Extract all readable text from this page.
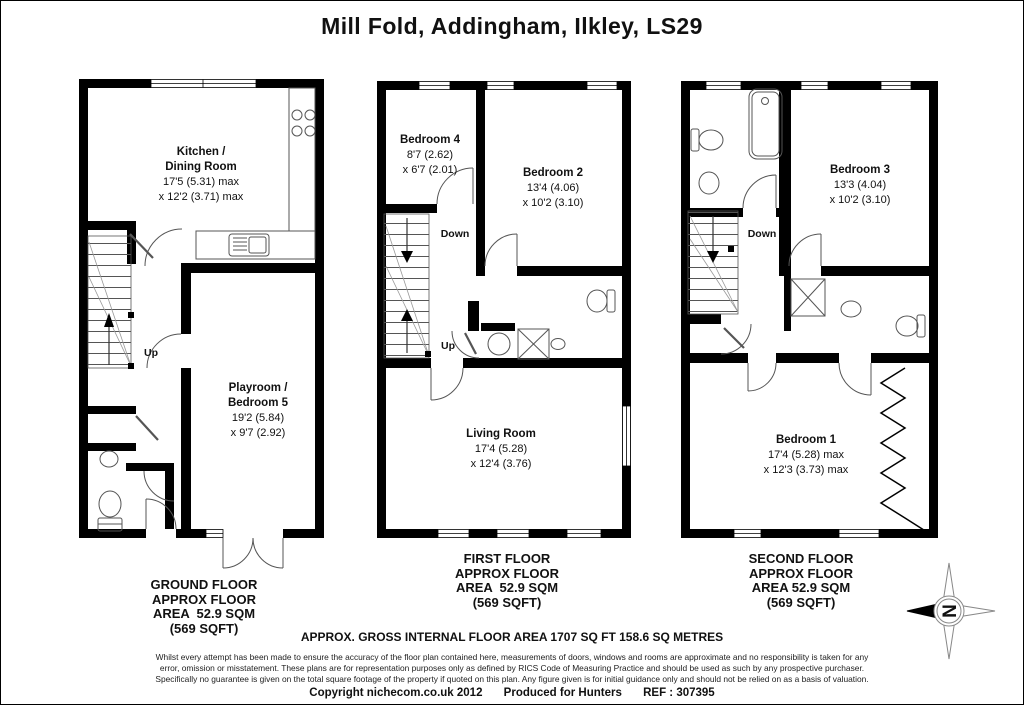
Mill Fold, Addingham, Ilkley, LS29
Kitchen /
Dining Room
17'5 (5.31) max
x 12'2 (3.71) max
Playroom /
Bedroom 5
19'2 (5.84)
x 9'7 (2.92)
Up
Bedroom 4
8'7 (2.62)
x 6'7 (2.01)	Bedroom 2
13'4 (4.06)
x 10'2 (3.10)
Living Room
17'4 (5.28)
x 12'4 (3.76)
Down
Up
Bedroom 3
13'3 (4.04)
x 10'2 (3.10)
Bedroom 1
17'4 (5.28) max
x 12'3 (3.73) max
Down
GROUND FLOOR
APPROX FLOOR
AREA  52.9 SQM
(569 SQFT)
FIRST FLOOR
APPROX FLOOR
AREA  52.9 SQM
(569 SQFT)
SECOND FLOOR
APPROX FLOOR
AREA 52.9 SQM
(569 SQFT)
N
APPROX. GROSS INTERNAL FLOOR AREA 1707 SQ FT 158.6 SQ METRES
Whilst every attempt has been made to ensure the accuracy of the floor plan contained here, measurements of doors, windows and rooms are approximate and no responsibility is taken for any
error, omission or misstatement. These plans are for representation purposes only as defined by RICS Code of Measuring Practice and should be used as such by any prospective purchaser.
Specifically no guarantee is given on the total square footage of the property if quoted on this plan. Any figure given is for initial guidance only and should not be relied on as a basis of valuation.
Copyright nichecom.co.uk 2012 Produced for Hunters REF : 307395
